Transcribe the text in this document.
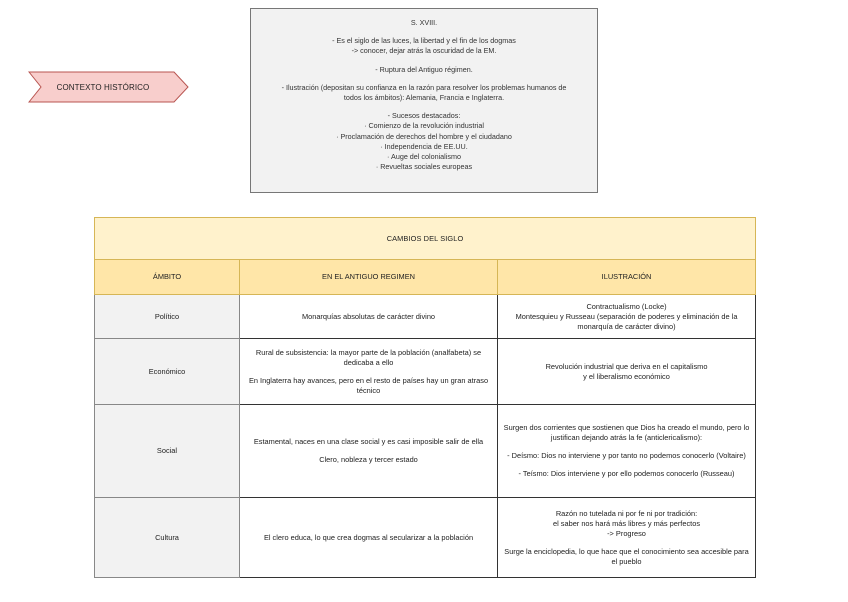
CONTEXTO HISTÓRICO
S. XVIII.
- Es el siglo de las luces, la libertad y el fin de los dogmas
-> conocer, dejar atrás la oscuridad de la EM.
- Ruptura del Antiguo régimen.
- Ilustración (depositan su confianza en la razón para resolver los problemas humanos de
todos los ámbitos): Alemania, Francia e Inglaterra.
- Sucesos destacados:
· Comienzo de la revolución industrial
· Proclamación de derechos del hombre y el ciudadano
· Independencia de EE.UU.
· Auge del colonialismo
· Revueltas sociales europeas
CAMBIOS DEL SIGLO		
ÁMBITO	EN EL ANTIGUO REGIMEN	ILUSTRACIÓN
Político	Monarquías absolutas de carácter divino	Contractualismo (Locke)
Montesquieu y Russeau (separación de poderes y eliminación de la monarquía de carácter divino)

Económico	Rural de subsistencia: la mayor parte de la población (analfabeta) se dedicaba a ello
En Inglaterra hay avances, pero en el resto de países hay un gran atraso técnico	Revolución industrial que deriva en el capitalismo
y el liberalismo económico

Social	Estamental, naces en una clase social y es casi imposible salir de ella
Clero, nobleza y tercer estado	Surgen dos corrientes que sostienen que Dios ha creado el mundo, pero lo justifican dejando atrás la fe (anticlericalismo):
- Deísmo: Dios no interviene y por tanto no podemos conocerlo (Voltaire)
- Teísmo: Dios interviene y por ello podemos conocerlo (Russeau)

Cultura	El clero educa, lo que crea dogmas al secularizar a la población	Razón no tutelada ni por fe ni por tradición:
el saber nos hará más libres y más perfectos
-> Progreso
Surge la enciclopedia, lo que hace que el conocimiento sea accesible para el pueblo
